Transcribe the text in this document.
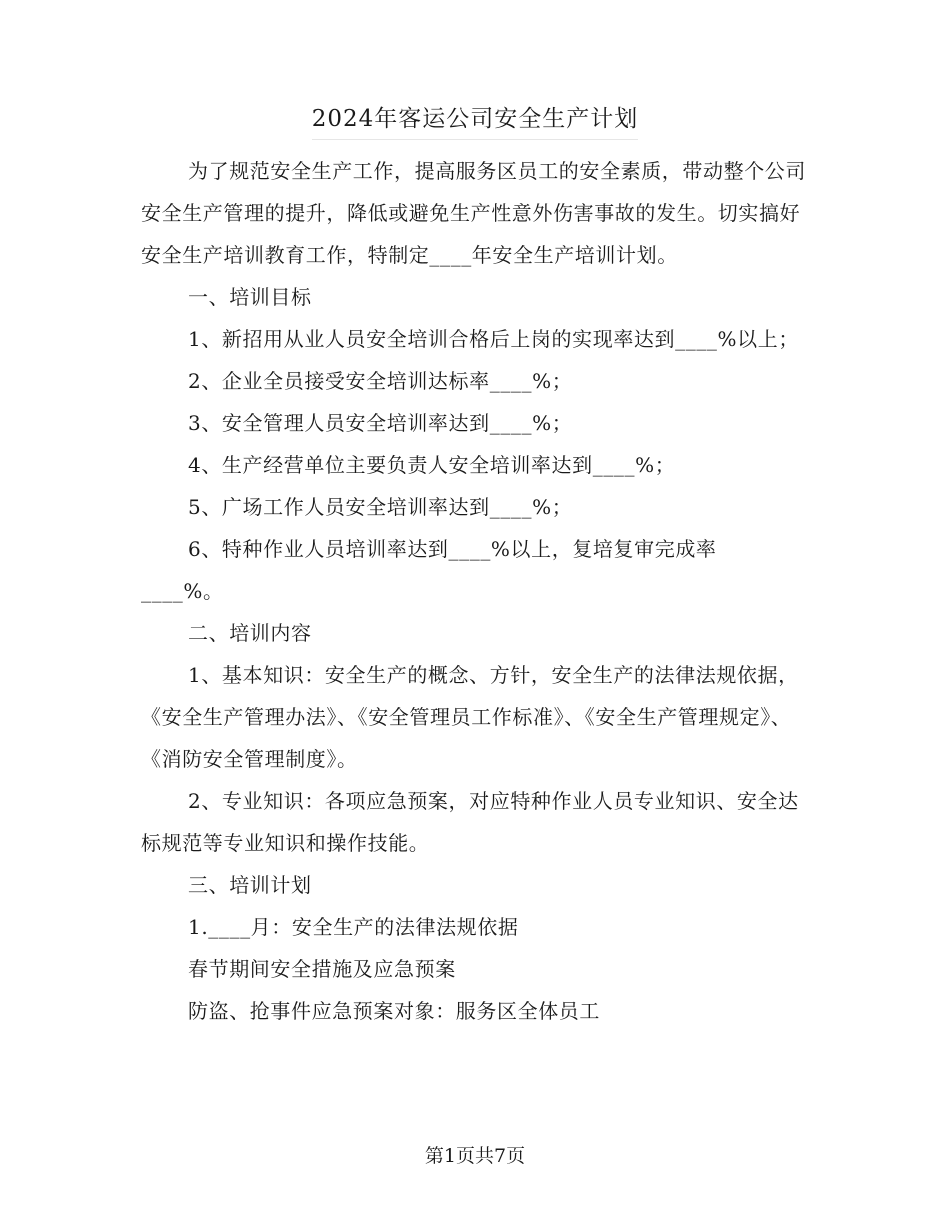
2024年客运公司安全生产计划

为了规范安全生产工作，提高服务区员工的安全素质，带动整个公司安全生产管理的提升，降低或避免生产性意外伤害事故的发生。切实搞好安全生产培训教育工作，特制定____年安全生产培训计划。

一、培训目标

1、新招用从业人员安全培训合格后上岗的实现率达到____%以上；

2、企业全员接受安全培训达标率____%；

3、安全管理人员安全培训率达到____%；

4、生产经营单位主要负责人安全培训率达到____%；

5、广场工作人员安全培训率达到____%；

6、特种作业人员培训率达到____%以上，复培复审完成率

____%。

二、培训内容

1、基本知识：安全生产的概念、方针，安全生产的法律法规依据，《安全生产管理办法》、《安全管理员工作标准》、《安全生产管理规定》、《消防安全管理制度》。

2、专业知识：各项应急预案，对应特种作业人员专业知识、安全达标规范等专业知识和操作技能。

三、培训计划

1.____月：安全生产的法律法规依据

春节期间安全措施及应急预案

防盗、抢事件应急预案对象：服务区全体员工

第1页共7页
